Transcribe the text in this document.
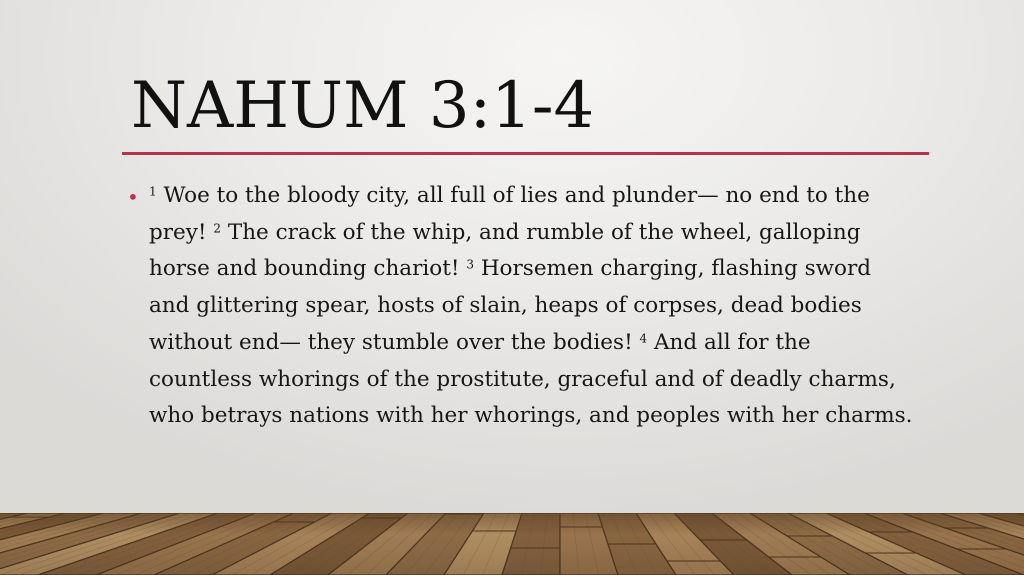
NAHUM 3:1-4
• $^1$ Woe to the bloody city, all full of lies and plunder— no end to the prey! $^2$ The crack of the whip, and rumble of the wheel, galloping horse and bounding chariot! $^3$ Horsemen charging, flashing sword and glittering spear, hosts of slain, heaps of corpses, dead bodies without end— they stumble over the bodies! $^4$ And all for the countless whorings of the prostitute, graceful and of deadly charms, who betrays nations with her whorings, and peoples with her charms.
